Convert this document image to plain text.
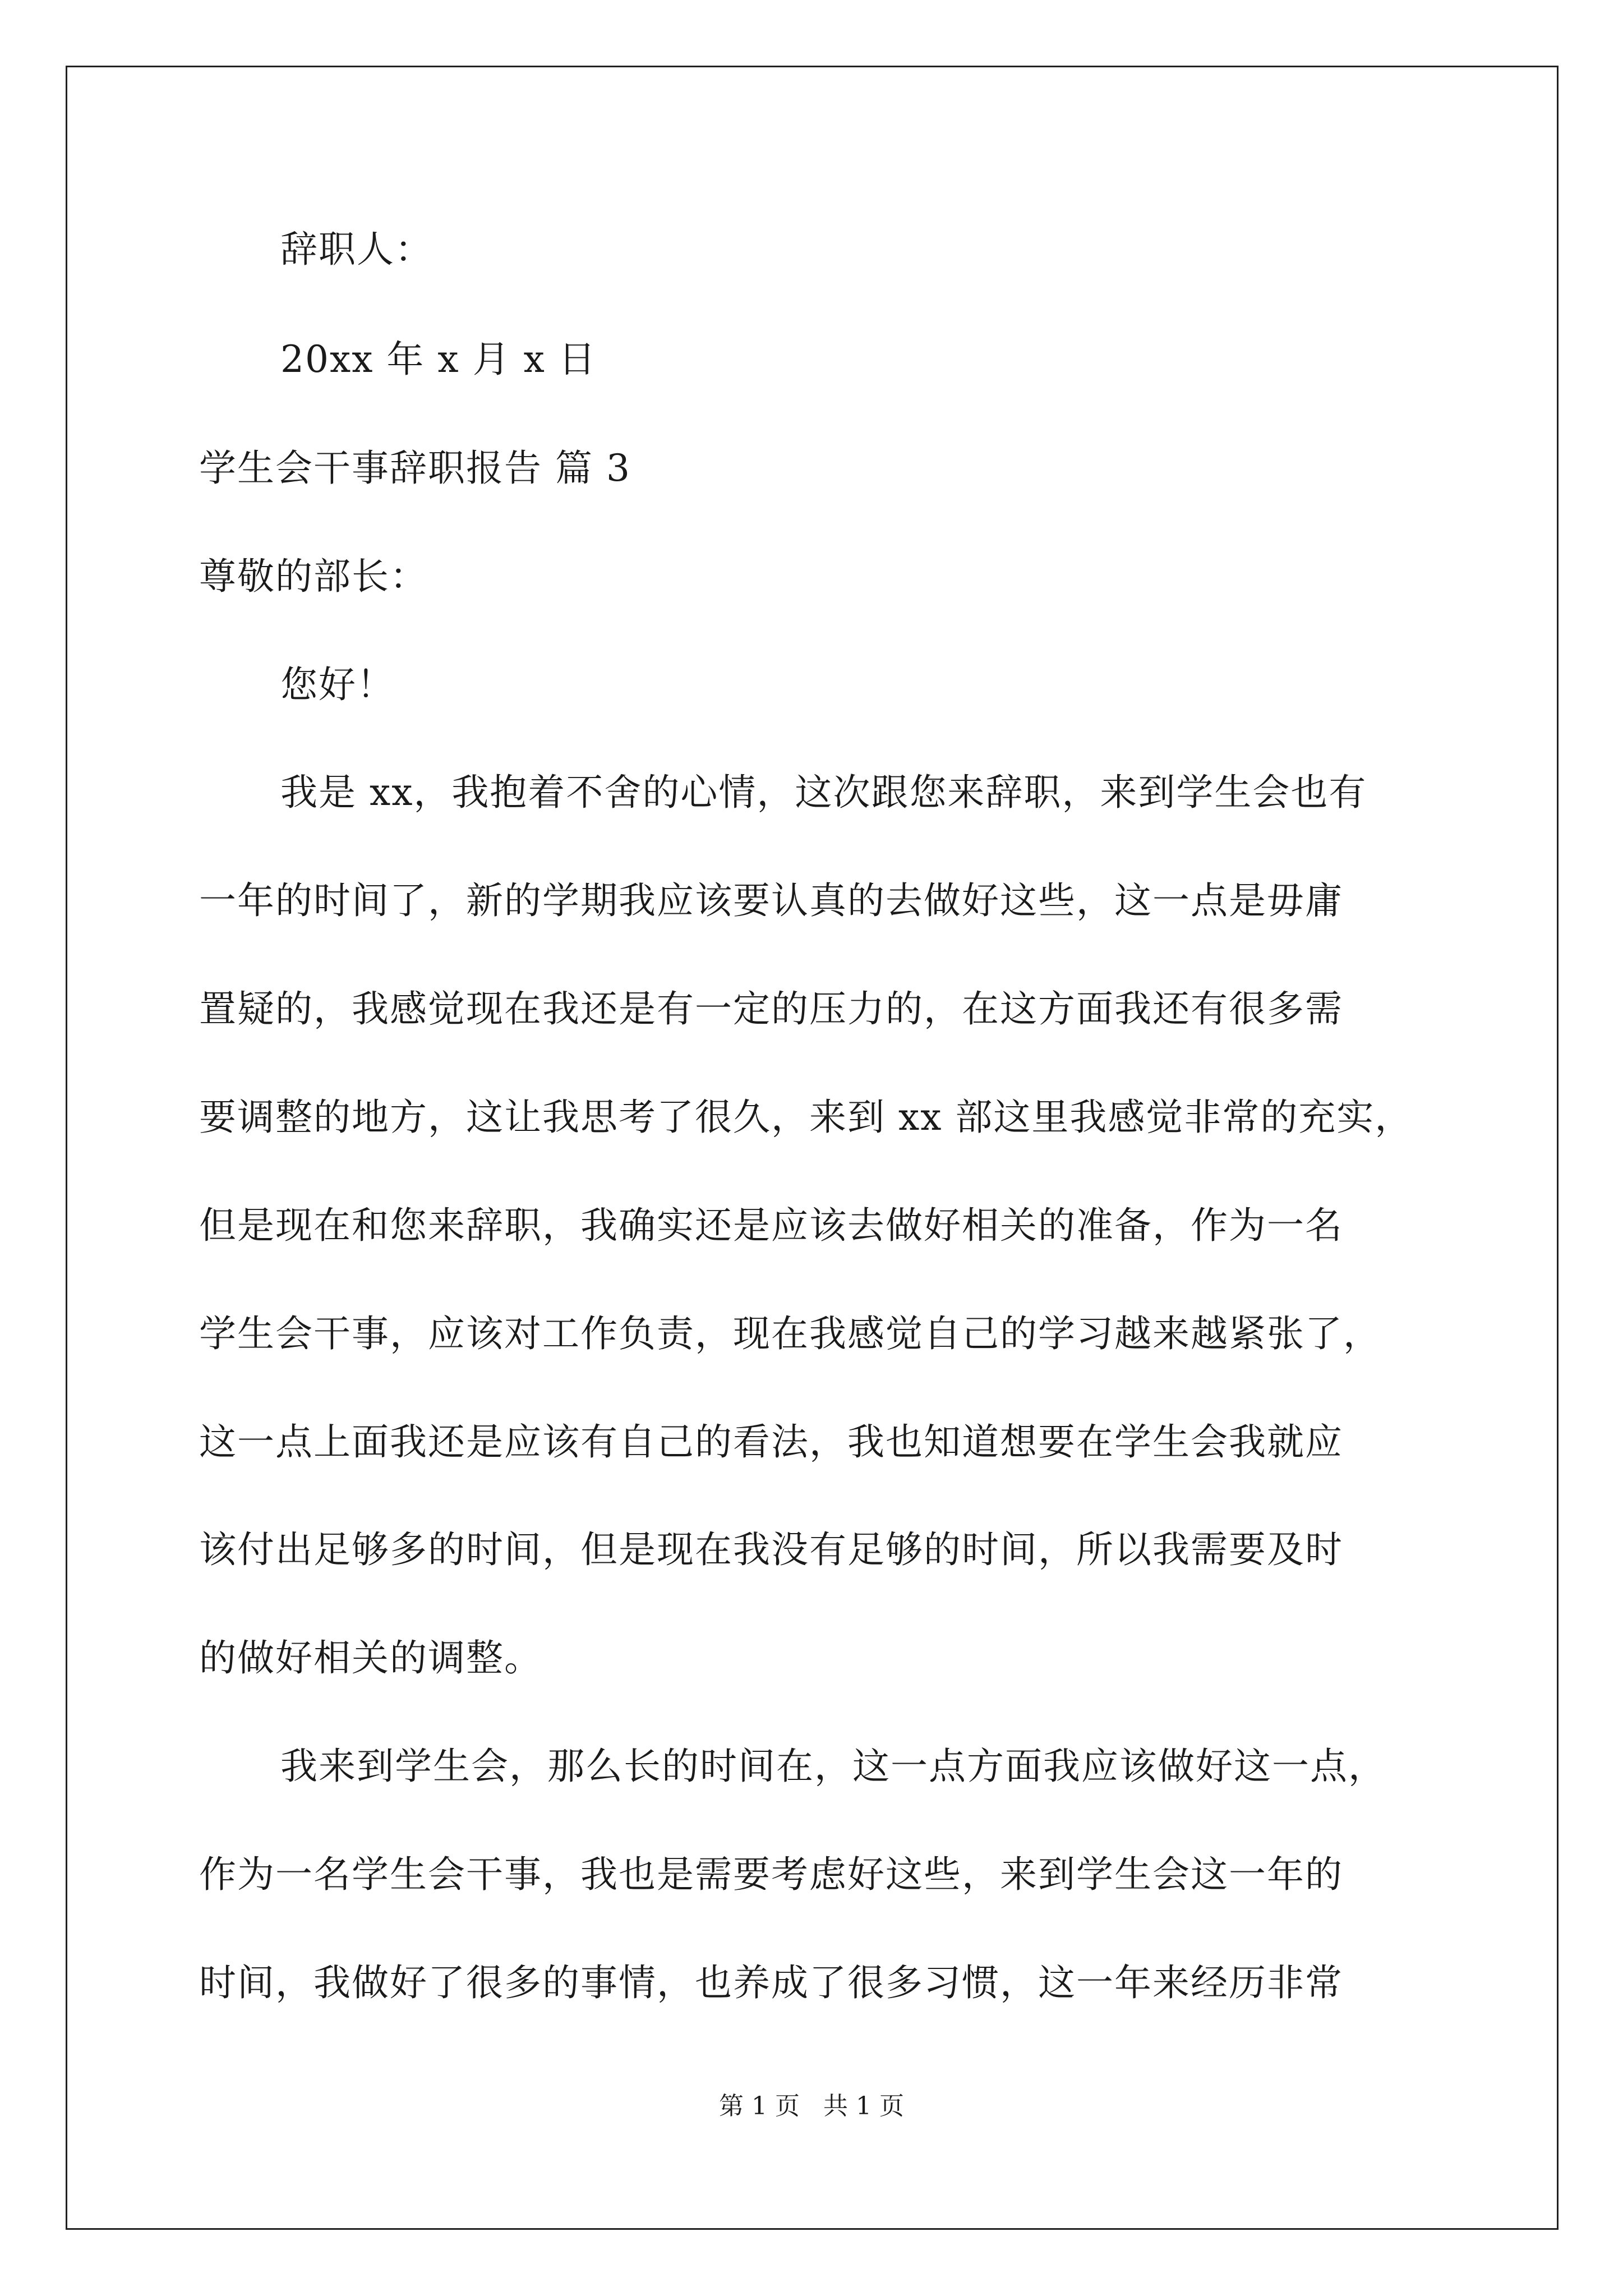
辞职人：
20xx 年 x 月 x 日
学生会干事辞职报告 篇 3
尊敬的部长：
您好！
我是 xx，我抱着不舍的心情，这次跟您来辞职，来到学生会也有
一年的时间了，新的学期我应该要认真的去做好这些，这一点是毋庸
置疑的，我感觉现在我还是有一定的压力的，在这方面我还有很多需
要调整的地方，这让我思考了很久，来到 xx 部这里我感觉非常的充实，
但是现在和您来辞职，我确实还是应该去做好相关的准备，作为一名
学生会干事，应该对工作负责，现在我感觉自己的学习越来越紧张了，
这一点上面我还是应该有自己的看法，我也知道想要在学生会我就应
该付出足够多的时间，但是现在我没有足够的时间，所以我需要及时
的做好相关的调整。
我来到学生会，那么长的时间在，这一点方面我应该做好这一点，
作为一名学生会干事，我也是需要考虑好这些，来到学生会这一年的
时间，我做好了很多的事情，也养成了很多习惯，这一年来经历非常
第 1 页   共 1 页
